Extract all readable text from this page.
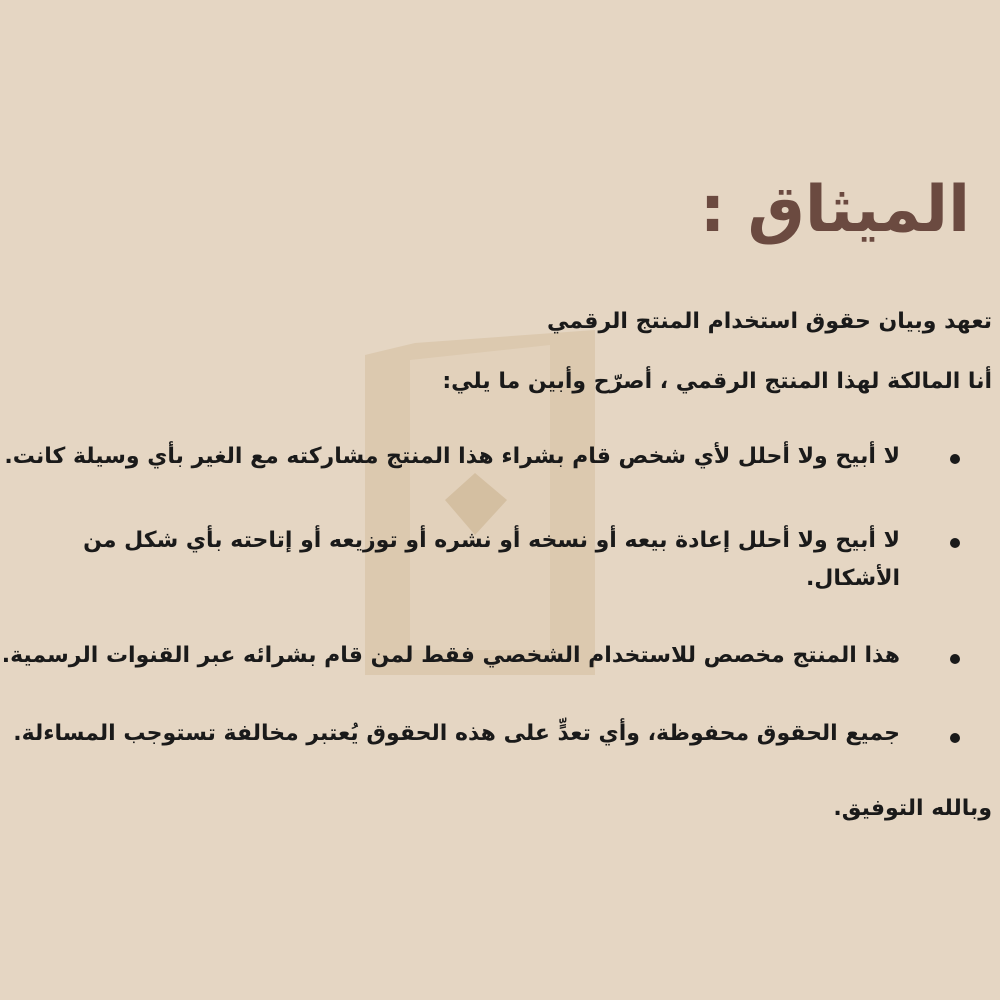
الميثاق :

تعهد وبيان حقوق استخدام المنتج الرقمي

أنا المالكة لهذا المنتج الرقمي ، أصرّح وأبين ما يلي:

لا أبيح ولا أحلل لأي شخص قام بشراء هذا المنتج مشاركته مع الغير بأي وسيلة كانت.

لا أبيح ولا أحلل إعادة بيعه أو نسخه أو نشره أو توزيعه أو إتاحته بأي شكل من الأشكال.

هذا المنتج مخصص للاستخدام الشخصي فقط لمن قام بشرائه عبر القنوات الرسمية.

جميع الحقوق محفوظة، وأي تعدٍّ على هذه الحقوق يُعتبر مخالفة تستوجب المساءلة.

وبالله التوفيق.
